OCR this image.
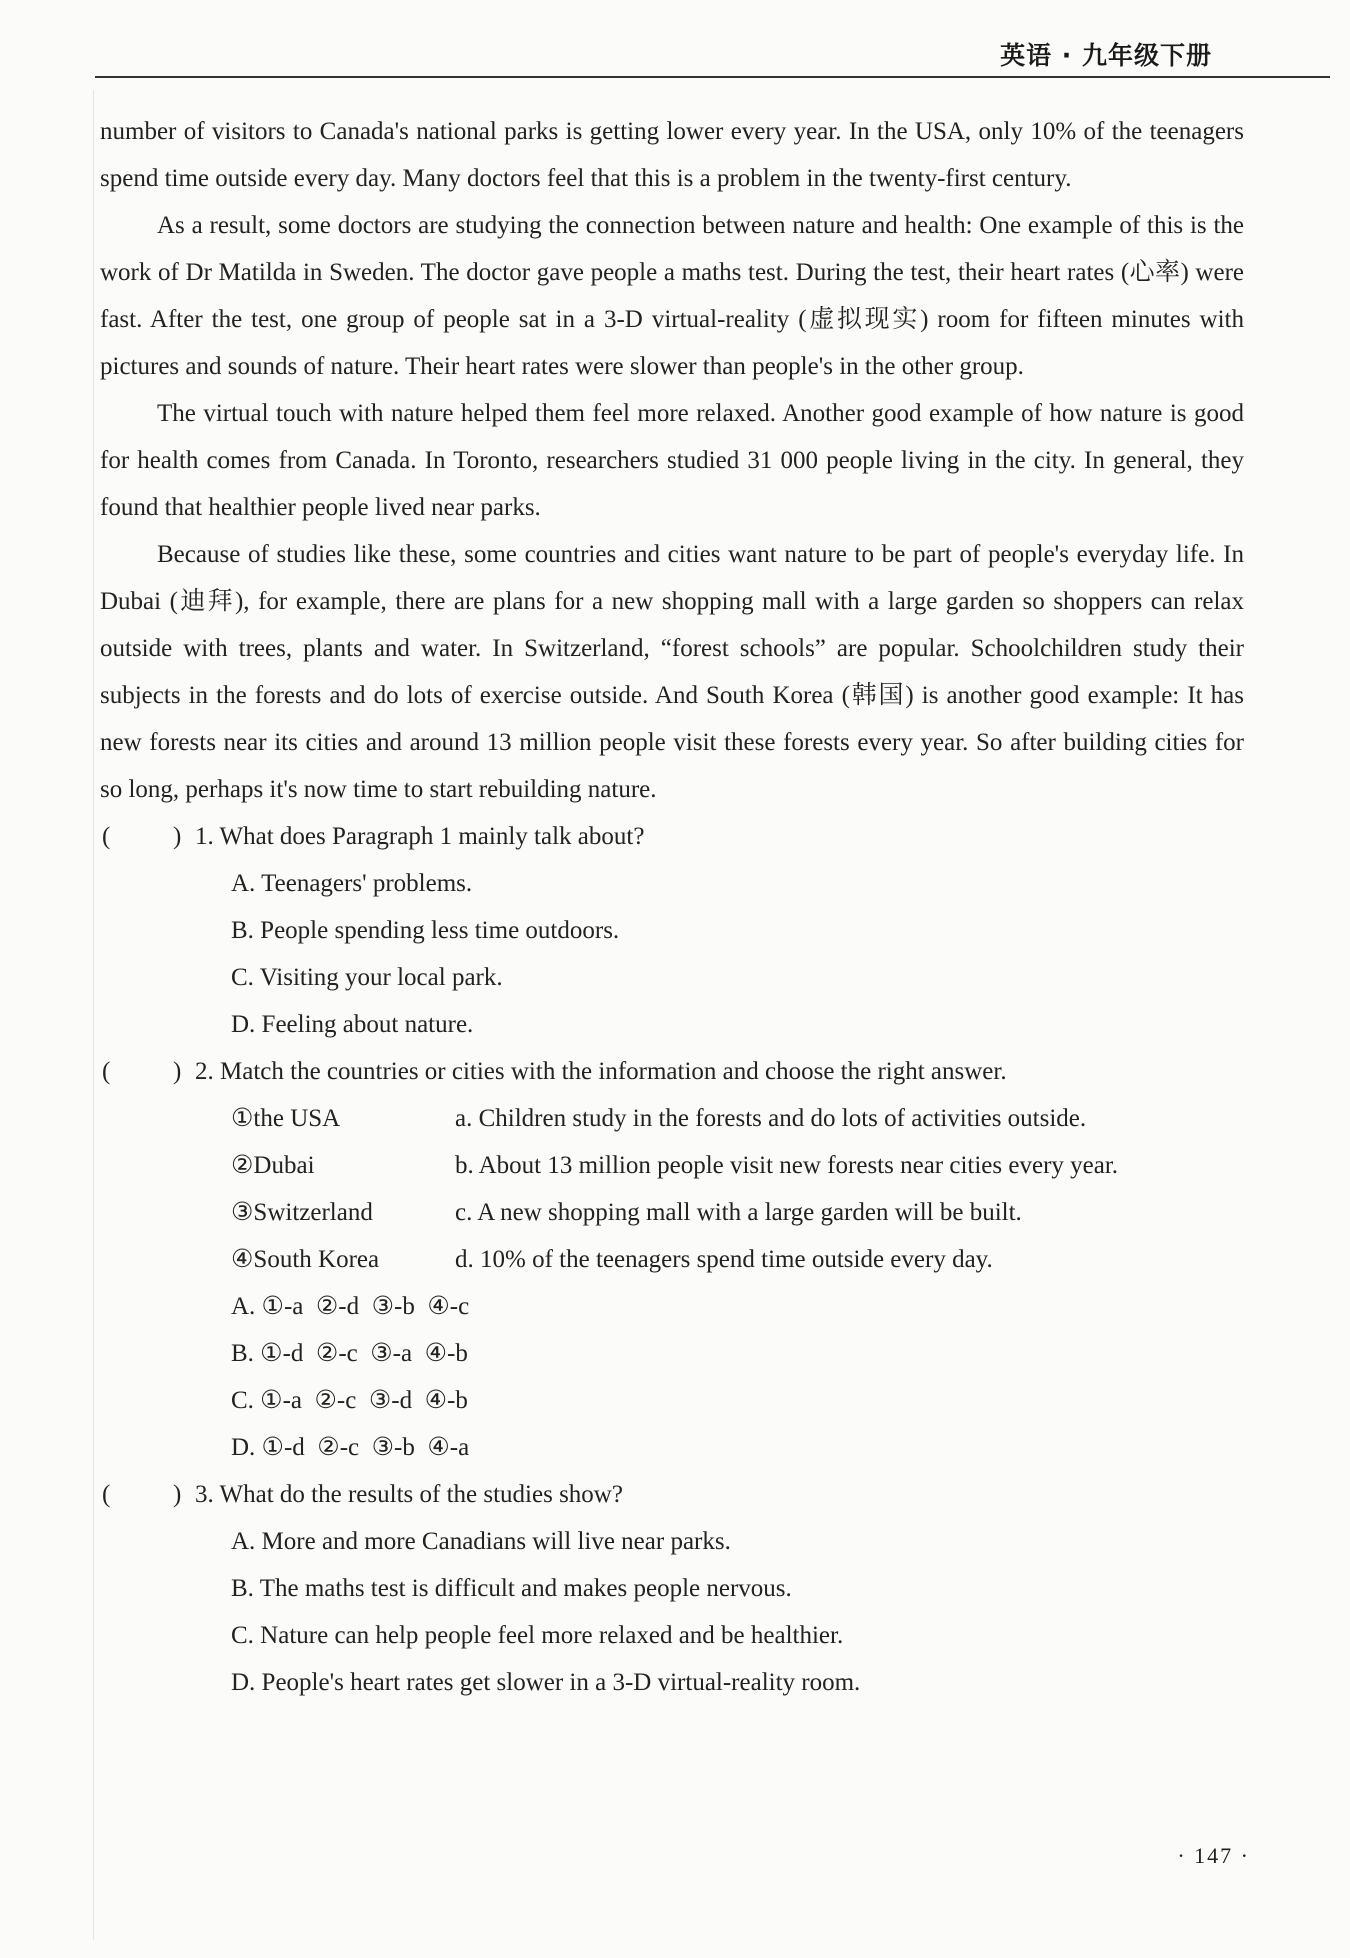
英语 · 九年级下册

number of visitors to Canada's national parks is getting lower every year. In the USA, only 10% of the teenagers spend time outside every day. Many doctors feel that this is a problem in the twenty-first century.

As a result, some doctors are studying the connection between nature and health: One example of this is the work of Dr Matilda in Sweden. The doctor gave people a maths test. During the test, their heart rates (心率) were fast. After the test, one group of people sat in a 3-D virtual-reality (虚拟现实) room for fifteen minutes with pictures and sounds of nature. Their heart rates were slower than people's in the other group.

The virtual touch with nature helped them feel more relaxed. Another good example of how nature is good for health comes from Canada. In Toronto, researchers studied 31 000 people living in the city. In general, they found that healthier people lived near parks.

Because of studies like these, some countries and cities want nature to be part of people's everyday life. In Dubai (迪拜), for example, there are plans for a new shopping mall with a large garden so shoppers can relax outside with trees, plants and water. In Switzerland, “forest schools” are popular. Schoolchildren study their subjects in the forests and do lots of exercise outside. And South Korea (韩国) is another good example: It has new forests near its cities and around 13 million people visit these forests every year. So after building cities for so long, perhaps it's now time to start rebuilding nature.

(	) 1. What does Paragraph 1 mainly talk about?
A. Teenagers' problems.
B. People spending less time outdoors.
C. Visiting your local park.
D. Feeling about nature.
(	) 2. Match the countries or cities with the information and choose the right answer.
①the USA	a. Children study in the forests and do lots of activities outside.
②Dubai	b. About 13 million people visit new forests near cities every year.
③Switzerland	c. A new shopping mall with a large garden will be built.
④South Korea	d. 10% of the teenagers spend time outside every day.
A. ①-a  ②-d  ③-b  ④-c
B. ①-d  ②-c  ③-a  ④-b
C. ①-a  ②-c  ③-d  ④-b
D. ①-d  ②-c  ③-b  ④-a
(	) 3. What do the results of the studies show?
A. More and more Canadians will live near parks.
B. The maths test is difficult and makes people nervous.
C. Nature can help people feel more relaxed and be healthier.
D. People's heart rates get slower in a 3-D virtual-reality room.
· 147 ·
